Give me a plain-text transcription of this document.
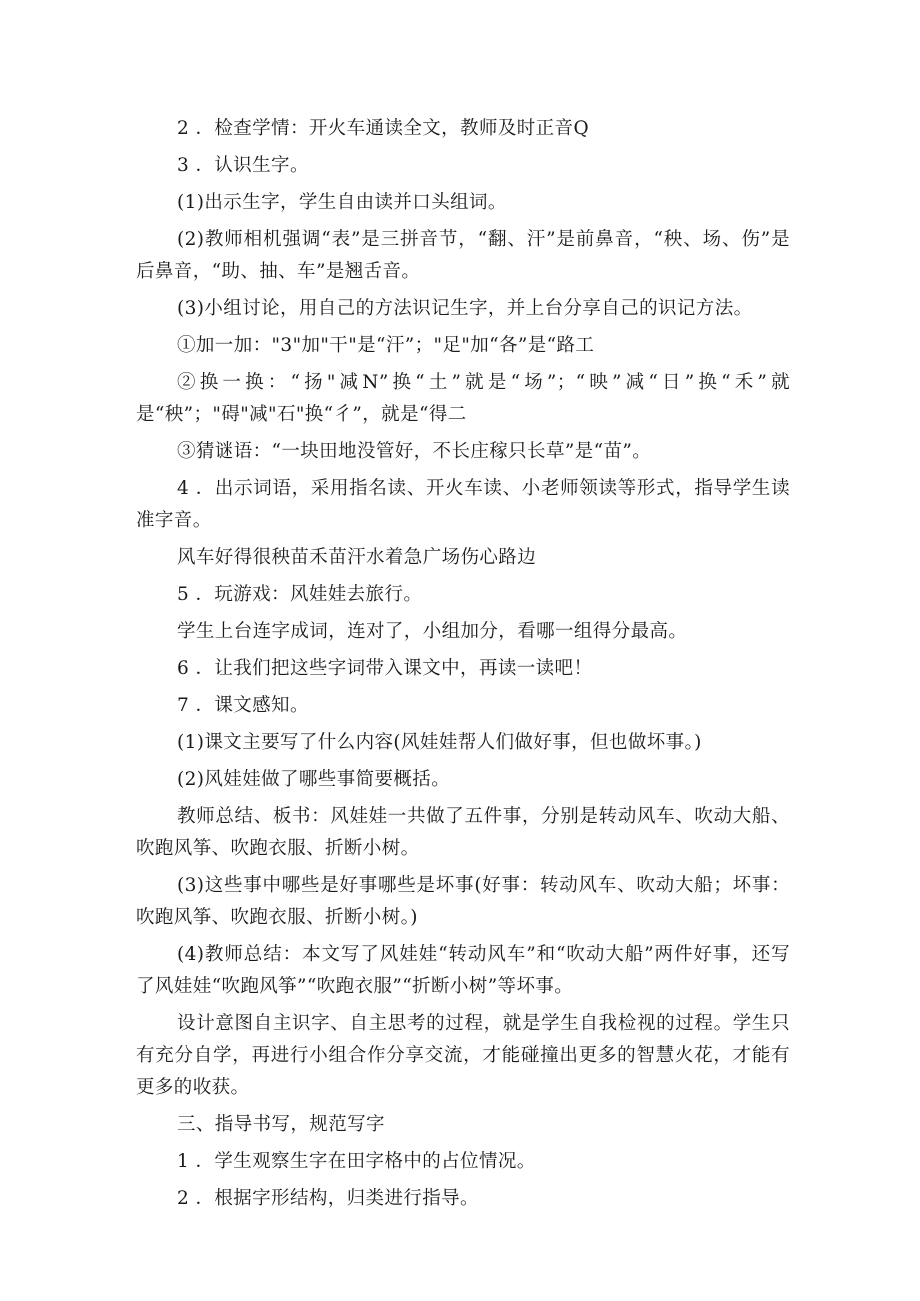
2 ．检查学情：开火车通读全文，教师及时正音Q

3 ．认识生字。

(1)出示生字，学生自由读并口头组词。

(2)教师相机强调“表”是三拼音节，“翻、汗”是前鼻音，“秧、场、伤”是后鼻音，“助、抽、车”是翘舌音。

(3)小组讨论，用自己的方法识记生字，并上台分享自己的识记方法。

①加一加："3"加"干"是“汗”；"足"加“各”是“路工

②换一换：“扬"减N”换“土”就是“场”；“映”减“日”换“禾”就是“秧”；"碍"减"石"换“彳”，就是“得二

③猜谜语：“一块田地没管好，不长庄稼只长草”是“苗”。

4 ．出示词语，采用指名读、开火车读、小老师领读等形式，指导学生读准字音。

风车好得很秧苗禾苗汗水着急广场伤心路边

5 ．玩游戏：风娃娃去旅行。

学生上台连字成词，连对了，小组加分，看哪一组得分最高。

6 ．让我们把这些字词带入课文中，再读一读吧！

7 ．课文感知。

(1)课文主要写了什么内容(风娃娃帮人们做好事，但也做坏事。)

(2)风娃娃做了哪些事简要概括。

教师总结、板书：风娃娃一共做了五件事，分别是转动风车、吹动大船、吹跑风筝、吹跑衣服、折断小树。

(3)这些事中哪些是好事哪些是坏事(好事：转动风车、吹动大船；坏事：吹跑风筝、吹跑衣服、折断小树。)

(4)教师总结：本文写了风娃娃“转动风车”和“吹动大船”两件好事，还写了风娃娃“吹跑风筝”“吹跑衣服”“折断小树”等坏事。

设计意图自主识字、自主思考的过程，就是学生自我检视的过程。学生只有充分自学，再进行小组合作分享交流，才能碰撞出更多的智慧火花，才能有更多的收获。

三、指导书写，规范写字

1 ．学生观察生字在田字格中的占位情况。

2 ．根据字形结构，归类进行指导。
